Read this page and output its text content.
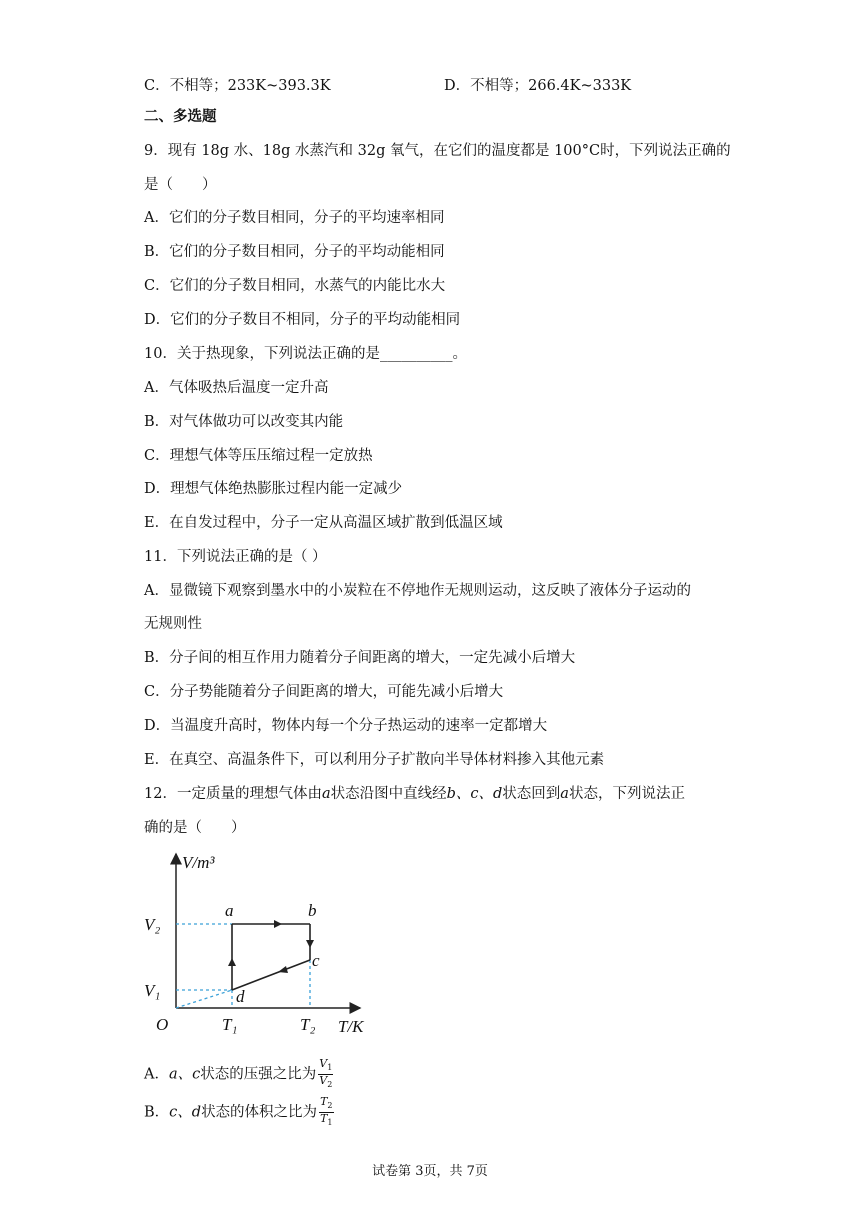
C．不相等；233K~393.3K	D．不相等；266.4K~333K
二、多选题
9．现有 18g 水、18g 水蒸汽和 32g 氧气，在它们的温度都是 100°C时，下列说法正确的
是（　　）
A．它们的分子数目相同，分子的平均速率相同
B．它们的分子数目相同，分子的平均动能相同
C．它们的分子数目相同，水蒸气的内能比水大
D．它们的分子数目不相同，分子的平均动能相同
10．关于热现象，下列说法正确的是__________。
A．气体吸热后温度一定升高
B．对气体做功可以改变其内能
C．理想气体等压压缩过程一定放热
D．理想气体绝热膨胀过程内能一定减少
E．在自发过程中，分子一定从高温区域扩散到低温区域
11．下列说法正确的是（ ）
A．显微镜下观察到墨水中的小炭粒在不停地作无规则运动，这反映了液体分子运动的
无规则性
B．分子间的相互作用力随着分子间距离的增大，一定先减小后增大
C．分子势能随着分子间距离的增大，可能先减小后增大
D．当温度升高时，物体内每一个分子热运动的速率一定都增大
E．在真空、高温条件下，可以利用分子扩散向半导体材料掺入其他元素
12．一定质量的理想气体由a状态沿图中直线经b、c、d状态回到a状态，下列说法正
确的是（　　）
V/m³
T/K
O
V₂
V₁
T₁	T₂
a	b
c
d
A．a、c状态的压强之比为 $\frac{V_1}{V_2}$
B．c、d状态的体积之比为 $\frac{T_2}{T_1}$
试卷第 3页，共 7页
